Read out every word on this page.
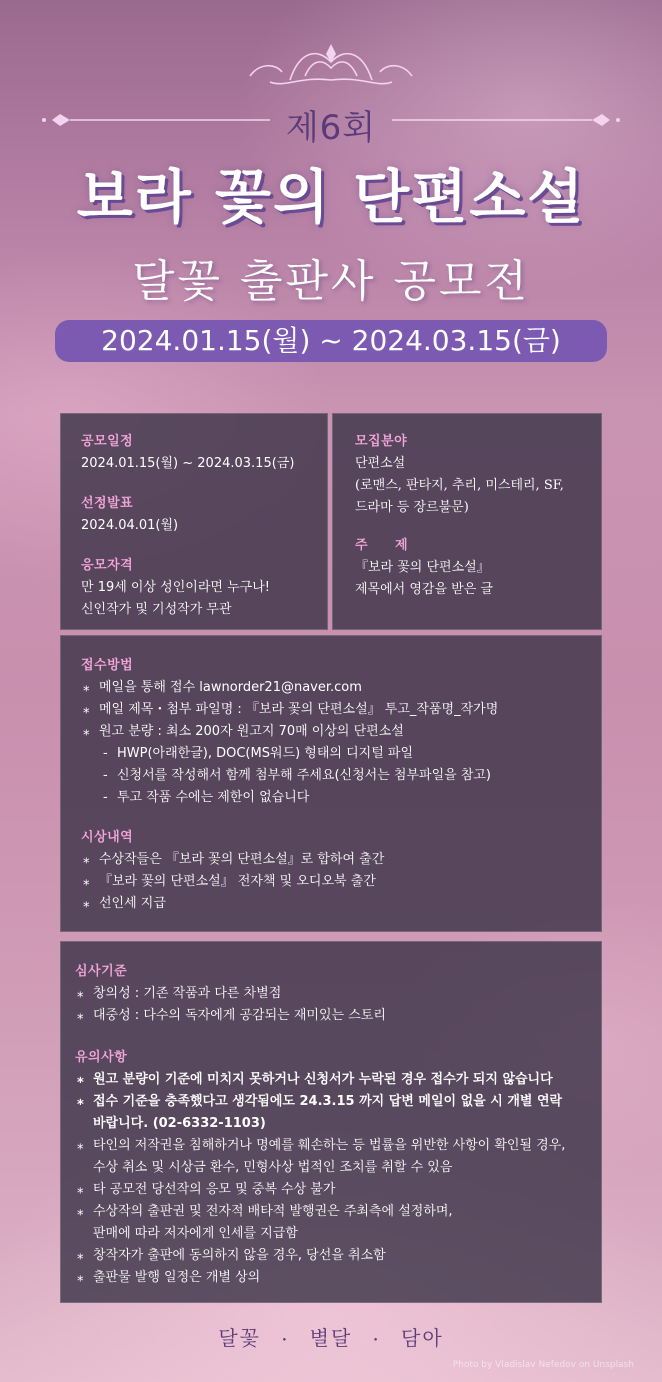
제6회
보라 꽃의 단편소설
달꽃 출판사 공모전
2024.01.15(월) ~ 2024.03.15(금)
공모일정
2024.01.15(월) ~ 2024.03.15(금)
선정발표
2024.04.01(월)
응모자격
만 19세 이상 성인이라면 누구나!
신인작가 및 기성작가 무관
모집분야
단편소설
(로맨스, 판타지, 추리, 미스테리, SF,
드라마 등 장르불문)
주　　제
『보라 꽃의 단편소설』
제목에서 영감을 받은 글
접수방법
⁎ 메일을 통해 접수 lawnorder21@naver.com
⁎ 메일 제목・첨부 파일명 : 『보라 꽃의 단편소설』 투고_작품명_작가명
⁎ 원고 분량 : 최소 200자 원고지 70매 이상의 단편소설
- HWP(아래한글), DOC(MS워드) 형태의 디지털 파일
- 신청서를 작성해서 함께 첨부해 주세요(신청서는 첨부파일을 참고)
- 투고 작품 수에는 제한이 없습니다
시상내역
⁎ 수상작들은 『보라 꽃의 단편소설』로 합하여 출간
⁎ 『보라 꽃의 단편소설』 전자책 및 오디오북 출간
⁎ 선인세 지급
심사기준
⁎ 창의성 : 기존 작품과 다른 차별점
⁎ 대중성 : 다수의 독자에게 공감되는 재미있는 스토리
유의사항
⁎ 원고 분량이 기준에 미치지 못하거나 신청서가 누락된 경우 접수가 되지 않습니다
⁎ 접수 기준을 충족했다고 생각됨에도 24.3.15 까지 답변 메일이 없을 시 개별 연락
바랍니다. (02-6332-1103)
⁎ 타인의 저작권을 침해하거나 명예를 훼손하는 등 법률을 위반한 사항이 확인될 경우,
수상 취소 및 시상금 환수, 민형사상 법적인 조치를 취할 수 있음
⁎ 타 공모전 당선작의 응모 및 중복 수상 불가
⁎ 수상작의 출판권 및 전자적 배타적 발행권은 주최측에 설정하며,
판매에 따라 저자에게 인세를 지급함
⁎ 창작자가 출판에 동의하지 않을 경우, 당선을 취소함
⁎ 출판물 발행 일정은 개별 상의
달꽃 ・ 별달 ・ 담아
Photo by Vladislav Nefedov on Unsplash
